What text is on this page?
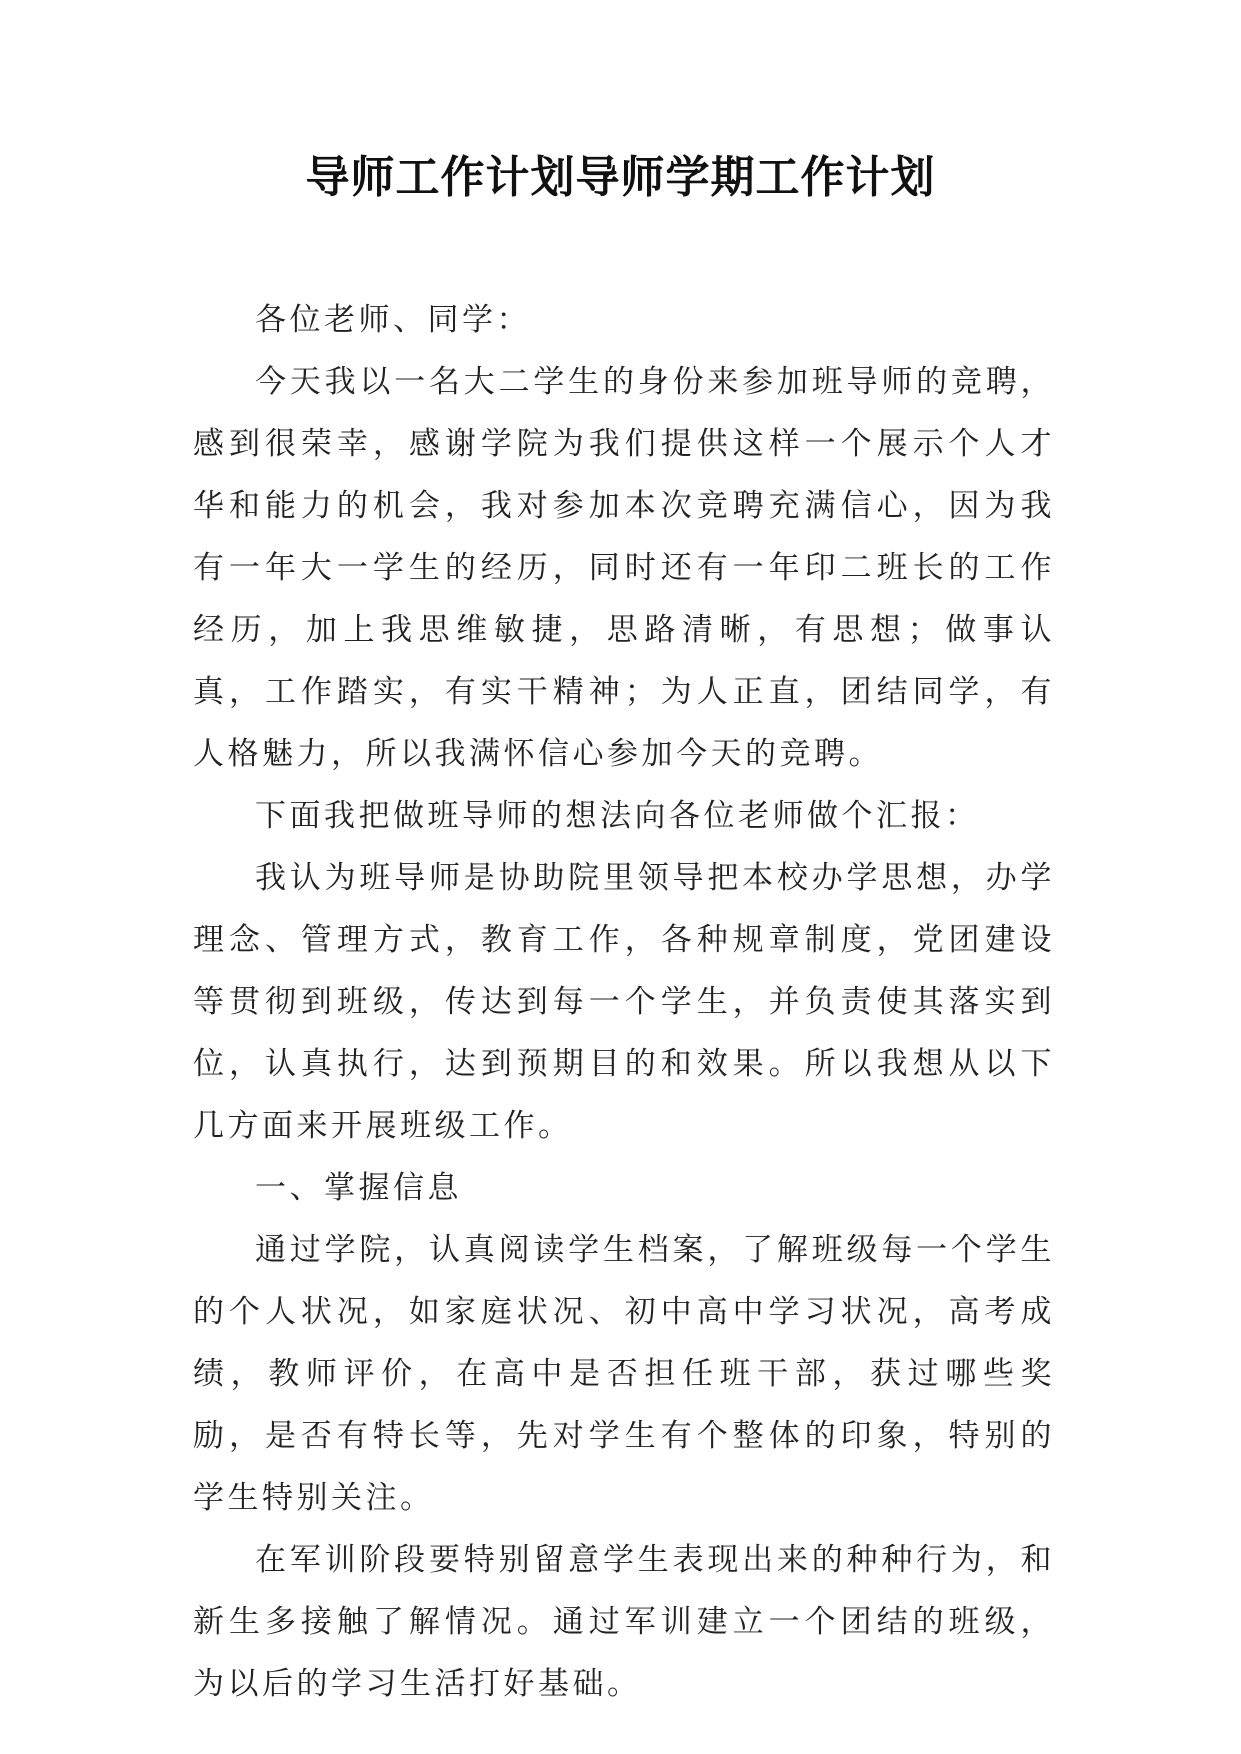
导师工作计划导师学期工作计划

各位老师、同学：

今天我以一名大二学生的身份来参加班导师的竞聘，感到很荣幸，感谢学院为我们提供这样一个展示个人才华和能力的机会，我对参加本次竞聘充满信心，因为我有一年大一学生的经历，同时还有一年印二班长的工作经历，加上我思维敏捷，思路清晰，有思想；做事认真，工作踏实，有实干精神；为人正直，团结同学，有人格魅力，所以我满怀信心参加今天的竞聘。

下面我把做班导师的想法向各位老师做个汇报：

我认为班导师是协助院里领导把本校办学思想，办学理念、管理方式，教育工作，各种规章制度，党团建设等贯彻到班级，传达到每一个学生，并负责使其落实到位，认真执行，达到预期目的和效果。所以我想从以下几方面来开展班级工作。

一、掌握信息

通过学院，认真阅读学生档案，了解班级每一个学生的个人状况，如家庭状况、初中高中学习状况，高考成绩，教师评价，在高中是否担任班干部，获过哪些奖励，是否有特长等，先对学生有个整体的印象，特别的学生特别关注。

在军训阶段要特别留意学生表现出来的种种行为，和新生多接触了解情况。通过军训建立一个团结的班级，为以后的学习生活打好基础。
